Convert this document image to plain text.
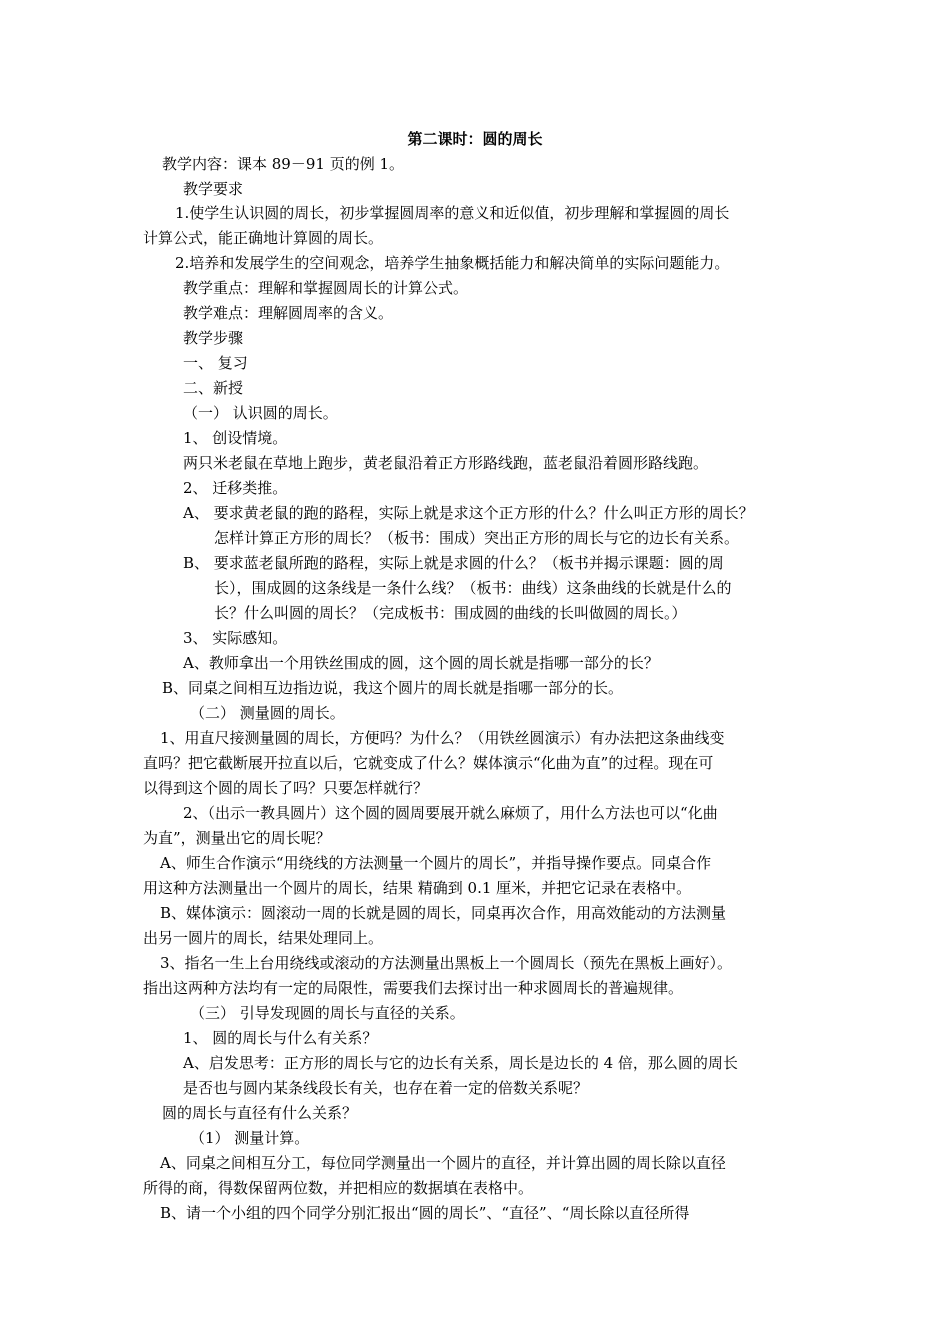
第二课时：圆的周长
教学内容：课本 89－91 页的例 1。
教学要求
1.使学生认识圆的周长，初步掌握圆周率的意义和近似值，初步理解和掌握圆的周长
计算公式，能正确地计算圆的周长。
2.培养和发展学生的空间观念，培养学生抽象概括能力和解决简单的实际问题能力。
教学重点：理解和掌握圆周长的计算公式。
教学难点：理解圆周率的含义。
教学步骤
一、 复习
二、新授
（一） 认识圆的周长。
1、 创设情境。
两只米老鼠在草地上跑步，黄老鼠沿着正方形路线跑，蓝老鼠沿着圆形路线跑。
2、 迁移类推。
A、 要求黄老鼠的跑的路程，实际上就是求这个正方形的什么？什么叫正方形的周长？
怎样计算正方形的周长？（板书：围成）突出正方形的周长与它的边长有关系。
B、 要求蓝老鼠所跑的路程，实际上就是求圆的什么？（板书并揭示课题：圆的周
长），围成圆的这条线是一条什么线？（板书：曲线）这条曲线的长就是什么的
长？什么叫圆的周长？（完成板书：围成圆的曲线的长叫做圆的周长。）
3、 实际感知。
A、教师拿出一个用铁丝围成的圆，这个圆的周长就是指哪一部分的长？
B、同桌之间相互边指边说，我这个圆片的周长就是指哪一部分的长。
（二） 测量圆的周长。
1、用直尺接测量圆的周长，方便吗？为什么？（用铁丝圆演示）有办法把这条曲线变
直吗？把它截断展开拉直以后，它就变成了什么？媒体演示“化曲为直”的过程。现在可
以得到这个圆的周长了吗？只要怎样就行？
2、（出示一教具圆片）这个圆的圆周要展开就么麻烦了，用什么方法也可以“化曲
为直”，测量出它的周长呢？
A、师生合作演示“用绕线的方法测量一个圆片的周长”，并指导操作要点。同桌合作
用这种方法测量出一个圆片的周长，结果 精确到 0.1 厘米，并把它记录在表格中。
B、媒体演示：圆滚动一周的长就是圆的周长，同桌再次合作，用高效能动的方法测量
出另一圆片的周长，结果处理同上。
3、指名一生上台用绕线或滚动的方法测量出黑板上一个圆周长（预先在黑板上画好）。
指出这两种方法均有一定的局限性，需要我们去探讨出一种求圆周长的普遍规律。
（三） 引导发现圆的周长与直径的关系。
1、 圆的周长与什么有关系？
A、启发思考：正方形的周长与它的边长有关系，周长是边长的 4 倍，那么圆的周长
是否也与圆内某条线段长有关，也存在着一定的倍数关系呢？
圆的周长与直径有什么关系？
（1） 测量计算。
A、同桌之间相互分工，每位同学测量出一个圆片的直径，并计算出圆的周长除以直径
所得的商，得数保留两位数，并把相应的数据填在表格中。
B、请一个小组的四个同学分别汇报出“圆的周长”、“直径”、“周长除以直径所得
